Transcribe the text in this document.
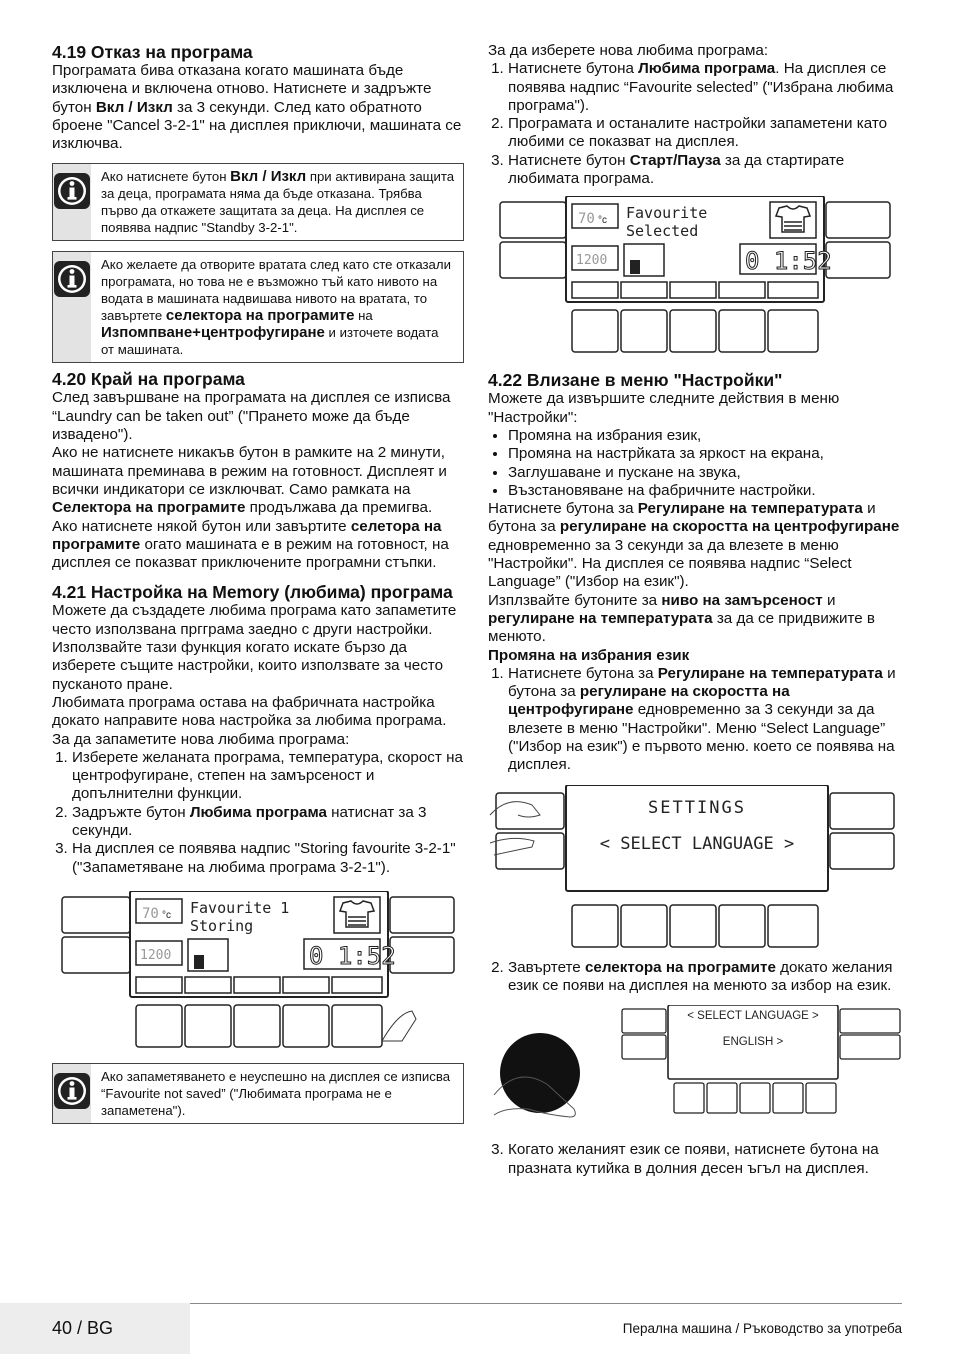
4.19 Отказ на програма

Програмата бива отказана когато машината бъде изключена и включена отново. Натиснете и задръжте бутон Вкл / Изкл за 3 секунди. След като обратното броене "Cancel 3-2-1" на дисплея приключи, машината се изключва.

Ако натиснете бутон Вкл / Изкл при активирана защита за деца, програмата няма да бъде отказана. Трябва първо да откажете защитата за деца. На дисплея се появява надпис "Standby 3-2-1".
Ако желаете да отворите вратата след като сте отказали програмата, но това не е възможно тъй като нивото на водата в машината надвишава нивото на вратата, то завъртете селектора на програмите на Изпомпване+центрофугиране и източете водата от машината.
4.20 Край на програма

След завършване на програмата на дисплея се изписва “Laundry can be taken out” ("Прането може да бъде извадено").

Ако не натиснете никакъв бутон в рамките на 2 минути, машината преминава в режим на готовност. Дисплеят и всички индикатори се изключват. Само рамката на Селектора на програмите продължава да премигва.

Ако натиснете някой бутон или завъртите селетора на програмите огато машината е в режим на готовност, на дисплея се показват приключените програмни стъпки.

4.21 Настройка на Memory (любима) програма

Можете да създадете любима програма като запаметите често използвана пргграма заедно с други настройки. Използвайте тази функция когато искате бързо да изберете същите настройки, които използвате за често пусканото пране.

Любимата програма остава на фабричната настройка докато направите нова настройка за любима програма.

За да запаметите нова любима програма:

1. Изберете желаната програма, температура, скорост на центрофугиране, степен на замърсеност и допълнителни функции.
2. Задръжте бутон Любима програма натиснат за 3 секунди.
3. На дисплея се появява надпис "Storing favourite 3-2-1" ("Запаметяване на любима програма 3-2-1").
70 °c
1200	0 1:52
Favourite 1
Storing
Ако запаметяването е неуспешно на дисплея се изписва “Favourite not saved” ("Любимата програма не е запаметена").

За да изберете нова любима програма:

1. Натиснете бутона Любима програма. На дисплея се появява надпис “Favourite selected” ("Избрана любима програма").
2. Програмата и останалите настройки запаметени като любими се показват на дисплея.
3. Натиснете бутон Старт/Пауза за да стартирате любимата програма.
70 °c
1200	0 1:52
Favourite
Selected
4.22 Влизане в меню "Настройки"

Можете да извършите следните действия в меню "Настройки":

• Промяна на избрания език,
• Промяна на настрйката за яркост на екрана,
• Заглушаване и пускане на звука,
• Възстановяване на фабричните настройки.

Натиснете бутона за Регулиране на температурата и бутона за регулиране на скоростта на центрофугиране едновременно за 3 секунди за да влезете в меню "Настройки". На дисплея се появява надпис “Select Language” ("Избор на език").

Изплзвайте бутоните за ниво на замърсеност и регулиране на температурата за да се придвижите в менюто.

Промяна на избрания език

1. Натиснете бутона за Регулиране на температурата и бутона за регулиране на скоростта на центрофугиране едновременно за 3 секунди за да влезете в меню "Настройки". Меню “Select Language” ("Избор на език") е първото меню. което се появява на дисплея.
SETTINGS
< SELECT LANGUAGE >
2. Завъртете селектора на програмите докато желания език се появи на дисплея на менюто за избор на език.
< SELECT LANGUAGE >
ENGLISH >
3. Когато желаният език се появи, натиснете бутона на празната кутийка в долния десен ъгъл на дисплея.
40 / BG	Перална машина / Ръководство за употреба
